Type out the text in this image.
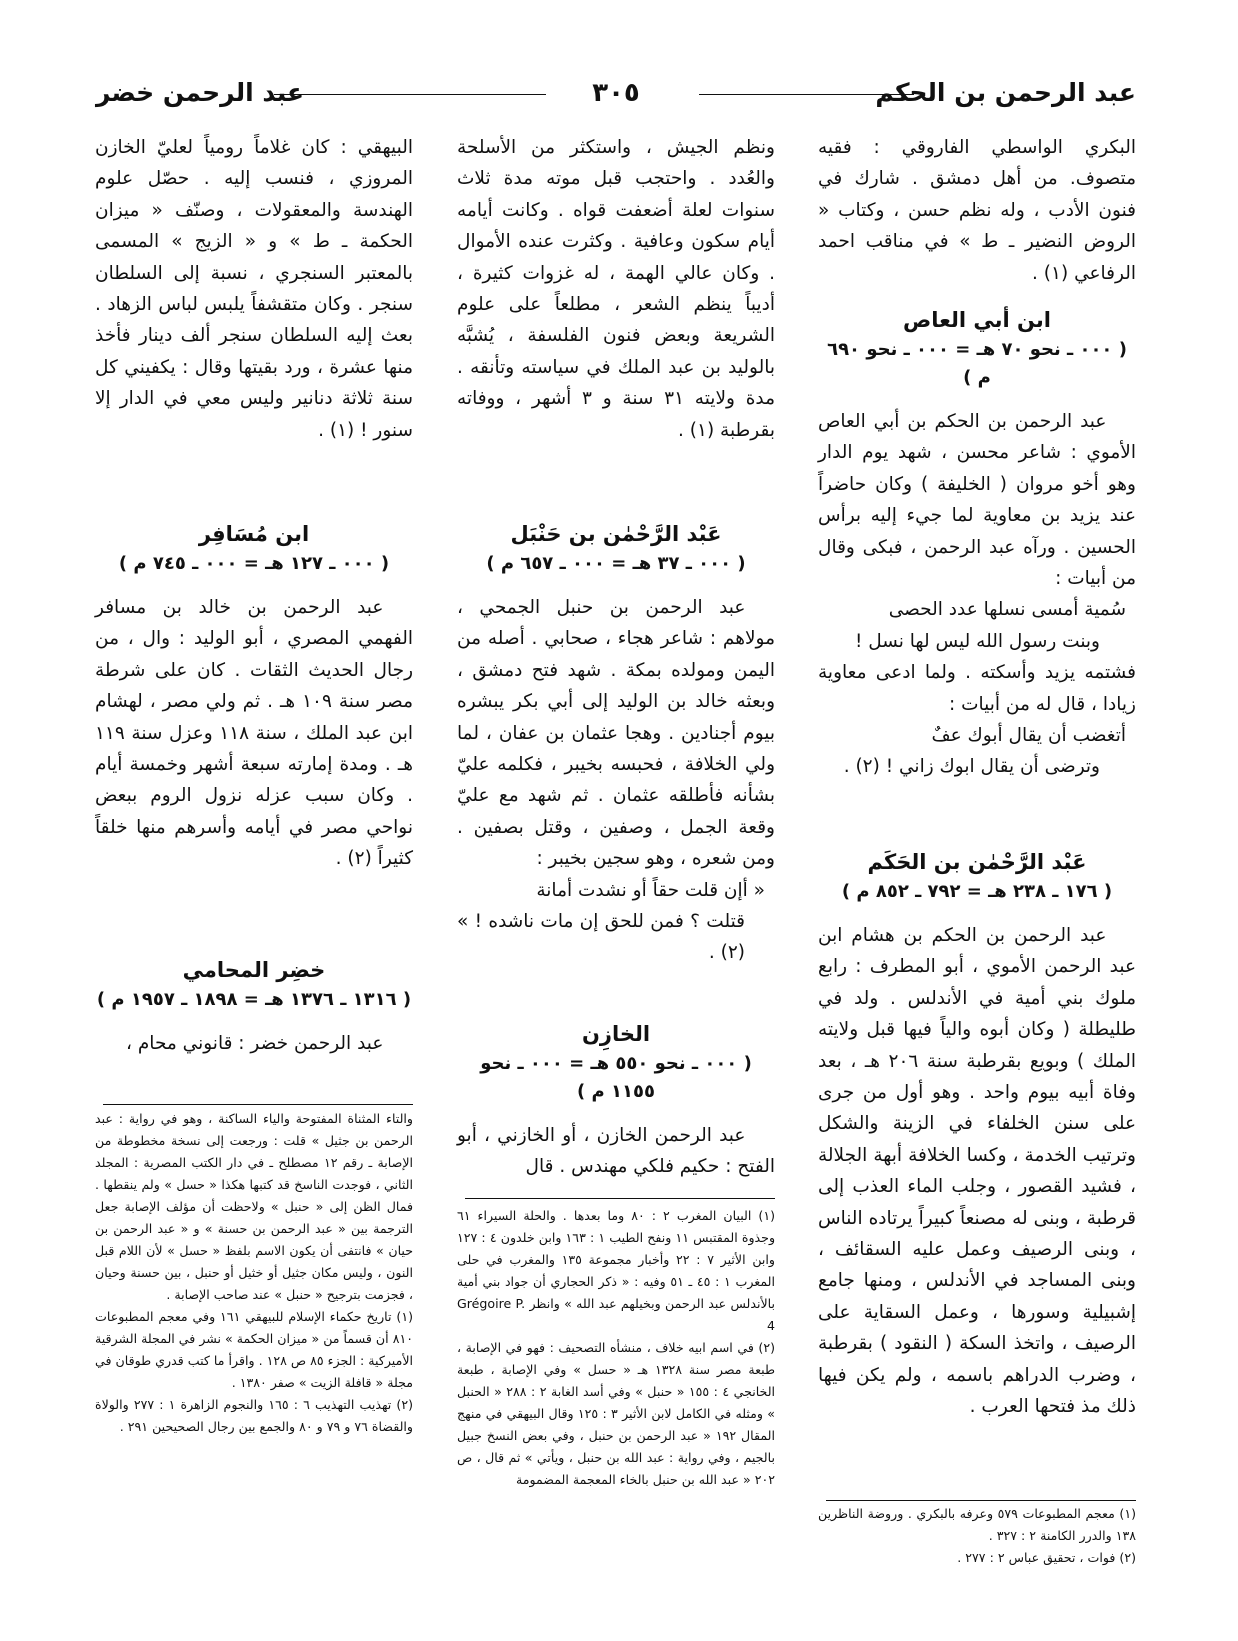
عبد الرحمن بن الحكم
٣٠٥
عبد الرحمن خضر

البكري الواسطي الفاروقي : فقيه متصوف. من أهل دمشق . شارك في فنون الأدب ، وله نظم حسن ، وكتاب « الروض النضير ـ ط » في مناقب احمد الرفاعي (١) .

ابن أبي العاص

( ٠٠٠ ـ نحو ٧٠ هـ = ٠٠٠ ـ نحو ٦٩٠ م )

عبد الرحمن بن الحكم بن أبي العاص الأموي : شاعر محسن ، شهد يوم الدار وهو أخو مروان ( الخليفة ) وكان حاضراً عند يزيد بن معاوية لما جيء إليه برأس الحسين . ورآه عبد الرحمن ، فبكى وقال من أبيات :

سُمية أمسى نسلها عدد الحصى

وبنت رسول الله ليس لها نسل !

فشتمه يزيد وأسكته . ولما ادعى معاوية زيادا ، قال له من أبيات :

أتغضب أن يقال أبوك عفٌ

وترضى أن يقال ابوك زاني ! (٢) .

عَبْد الرَّحْمٰن بن الحَكَم

( ١٧٦ ـ ٢٣٨ هـ = ٧٩٢ ـ ٨٥٢ م )

عبد الرحمن بن الحكم بن هشام ابن عبد الرحمن الأموي ، أبو المطرف : رابع ملوك بني أمية في الأندلس . ولد في طليطلة ( وكان أبوه والياً فيها قبل ولايته الملك ) وبويع بقرطبة سنة ٢٠٦ هـ ، بعد وفاة أبيه بيوم واحد . وهو أول من جرى على سنن الخلفاء في الزينة والشكل وترتيب الخدمة ، وكسا الخلافة أبهة الجلالة ، فشيد القصور ، وجلب الماء العذب إلى قرطبة ، وبنى له مصنعاً كبيراً يرتاده الناس ، وبنى الرصيف وعمل عليه السقائف ، وبنى المساجد في الأندلس ، ومنها جامع إشبيلية وسورها ، وعمل السقاية على الرصيف ، واتخذ السكة ( النقود ) بقرطبة ، وضرب الدراهم باسمه ، ولم يكن فيها ذلك مذ فتحها العرب .

(١) معجم المطبوعات ٥٧٩ وعرفه بالبكري . وروضة الناظرين ١٣٨ والدرر الكامنة ٢ : ٣٢٧ .

(٢) فوات ، تحقيق عباس ٢ : ٢٧٧ .

ونظم الجيش ، واستكثر من الأسلحة والعُدد . واحتجب قبل موته مدة ثلاث سنوات لعلة أضعفت قواه . وكانت أيامه أيام سكون وعافية . وكثرت عنده الأموال . وكان عالي الهمة ، له غزوات كثيرة ، أديباً ينظم الشعر ، مطلعاً على علوم الشريعة وبعض فنون الفلسفة ، يُشبَّه بالوليد بن عبد الملك في سياسته وتأنقه . مدة ولايته ٣١ سنة و ٣ أشهر ، ووفاته بقرطبة (١) .

عَبْد الرَّحْمٰن بن حَنْبَل

( ٠٠٠ ـ ٣٧ هـ = ٠٠٠ ـ ٦٥٧ م )

عبد الرحمن بن حنبل الجمحي ، مولاهم : شاعر هجاء ، صحابي . أصله من اليمن ومولده بمكة . شهد فتح دمشق ، وبعثه خالد بن الوليد إلى أبي بكر يبشره بيوم أجنادين . وهجا عثمان بن عفان ، لما ولي الخلافة ، فحبسه بخيبر ، فكلمه عليّ بشأنه فأطلقه عثمان . ثم شهد مع عليّ وقعة الجمل ، وصفين ، وقتل بصفين . ومن شعره ، وهو سجين بخيبر :

« أإن قلت حقاً أو نشدت أمانة

قتلت ؟ فمن للحق إن مات ناشده ! » (٢) .

الخازِن

( ٠٠٠ ـ نحو ٥٥٠ هـ = ٠٠٠ ـ نحو ١١٥٥ م )

عبد الرحمن الخازن ، أو الخازني ، أبو الفتح : حكيم فلكي مهندس . قال

(١) البيان المغرب ٢ : ٨٠ وما بعدها . والحلة السيراء ٦١ وجذوة المقتبس ١١ ونفح الطيب ١ : ١٦٣ وابن خلدون ٤ : ١٢٧ وابن الأثير ٧ : ٢٢ وأخبار مجموعة ١٣٥ والمغرب في حلى المغرب ١ : ٤٥ ـ ٥١ وفيه : « ذكر الحجاري أن جواد بني أمية بالأندلس عبد الرحمن وبخيلهم عبد الله » وانظر Grégoire P. 4

(٢) في اسم ابيه خلاف ، منشأه التصحيف : فهو في الإصابة ، طبعة مصر سنة ١٣٢٨ هـ « حسل » وفي الإصابة ، طبعة الخانجي ٤ : ١٥٥ « حنبل » وفي أسد الغابة ٢ : ٢٨٨ « الحنبل » ومثله في الكامل لابن الأثير ٣ : ١٢٥ وقال البيهقي في منهج المقال ١٩٢ « عبد الرحمن بن حنبل ، وفي بعض النسخ جبيل بالجيم ، وفي رواية : عبد الله بن حنبل ، ويأتي » ثم قال ، ص ٢٠٢ « عبد الله بن حنبل بالخاء المعجمة المضمومة

البيهقي : كان غلاماً رومياً لعليّ الخازن المروزي ، فنسب إليه . حصّل علوم الهندسة والمعقولات ، وصنّف « ميزان الحكمة ـ ط » و « الزيج » المسمى بالمعتبر السنجري ، نسبة إلى السلطان سنجر . وكان متقشفاً يلبس لباس الزهاد . بعث إليه السلطان سنجر ألف دينار فأخذ منها عشرة ، ورد بقيتها وقال : يكفيني كل سنة ثلاثة دنانير وليس معي في الدار إلا سنور ! (١) .

ابن مُسَافِر

( ٠٠٠ ـ ١٢٧ هـ = ٠٠٠ ـ ٧٤٥ م )

عبد الرحمن بن خالد بن مسافر الفهمي المصري ، أبو الوليد : وال ، من رجال الحديث الثقات . كان على شرطة مصر سنة ١٠٩ هـ . ثم ولي مصر ، لهشام ابن عبد الملك ، سنة ١١٨ وعزل سنة ١١٩ هـ . ومدة إمارته سبعة أشهر وخمسة أيام . وكان سبب عزله نزول الروم ببعض نواحي مصر في أيامه وأسرهم منها خلقاً كثيراً (٢) .

خضِر المحامي

( ١٣١٦ ـ ١٣٧٦ هـ = ١٨٩٨ ـ ١٩٥٧ م )

عبد الرحمن خضر : قانوني محام ،

والتاء المثناة المفتوحة والياء الساكنة ، وهو في رواية : عبد الرحمن بن جثيل » قلت : ورجعت إلى نسخة مخطوطة من الإصابة ـ رقم ١٢ مصطلح ـ في دار الكتب المصرية : المجلد الثاني ، فوجدت الناسخ قد كتبها هكذا « حسل » ولم ينقطها . فمال الظن إلى « حنبل » ولاحظت أن مؤلف الإصابة جعل الترجمة بين « عبد الرحمن بن حسنة » و « عبد الرحمن بن حيان » فانتفى أن يكون الاسم بلفظ « حسل » لأن اللام قبل النون ، وليس مكان جثيل أو خثيل أو حنبل ، بين حسنة وحيان ، فجزمت بترجيح « حنبل » عند صاحب الإصابة .

(١) تاريخ حكماء الإسلام للبيهقي ١٦١ وفي معجم المطبوعات ٨١٠ أن قسماً من « ميزان الحكمة » نشر في المجلة الشرقية الأميركية : الجزء ٨٥ ص ١٢٨ . واقرأ ما كتب قدري طوقان في مجلة « قافلة الزيت » صفر ١٣٨٠ .

(٢) تهذيب التهذيب ٦ : ١٦٥ والنجوم الزاهرة ١ : ٢٧٧ والولاة والقضاة ٧٦ و ٧٩ و ٨٠ والجمع بين رجال الصحيحين ٢٩١ .
